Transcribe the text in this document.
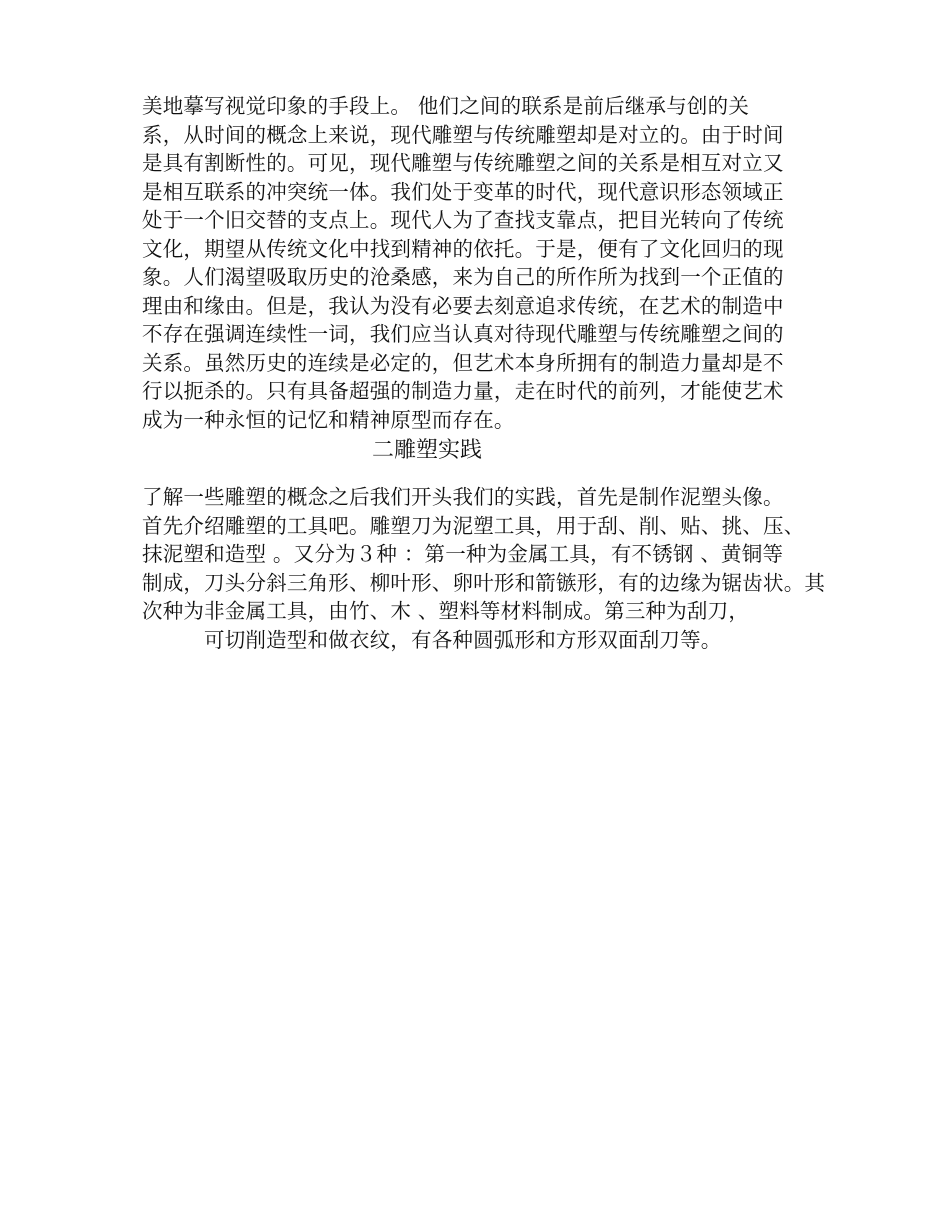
美地摹写视觉印象的手段上。 他们之间的联系是前后继承与创的关
系，从时间的概念上来说，现代雕塑与传统雕塑却是对立的。由于时间
是具有割断性的。可见，现代雕塑与传统雕塑之间的关系是相互对立又
是相互联系的冲突统一体。我们处于变革的时代，现代意识形态领域正
处于一个旧交替的支点上。现代人为了查找支靠点，把目光转向了传统
文化，期望从传统文化中找到精神的依托。于是，便有了文化回归的现
象。人们渴望吸取历史的沧桑感，来为自己的所作所为找到一个正值的
理由和缘由。但是，我认为没有必要去刻意追求传统，在艺术的制造中
不存在强调连续性一词，我们应当认真对待现代雕塑与传统雕塑之间的
关系。虽然历史的连续是必定的，但艺术本身所拥有的制造力量却是不
行以扼杀的。只有具备超强的制造力量，走在时代的前列，才能使艺术
成为一种永恒的记忆和精神原型而存在。
二雕塑实践
了解一些雕塑的概念之后我们开头我们的实践，首先是制作泥塑头像。
首先介绍雕塑的工具吧。雕塑刀为泥塑工具，用于刮、削、贴、挑、压、
抹泥塑和造型 。又分为３种 ：第一种为金属工具，有不锈钢 、黄铜等
制成，刀头分斜三角形、柳叶形、卵叶形和箭镞形，有的边缘为锯齿状。其
次种为非金属工具，由竹、木 、塑料等材料制成。第三种为刮刀，
可切削造型和做衣纹，有各种圆弧形和方形双面刮刀等。
